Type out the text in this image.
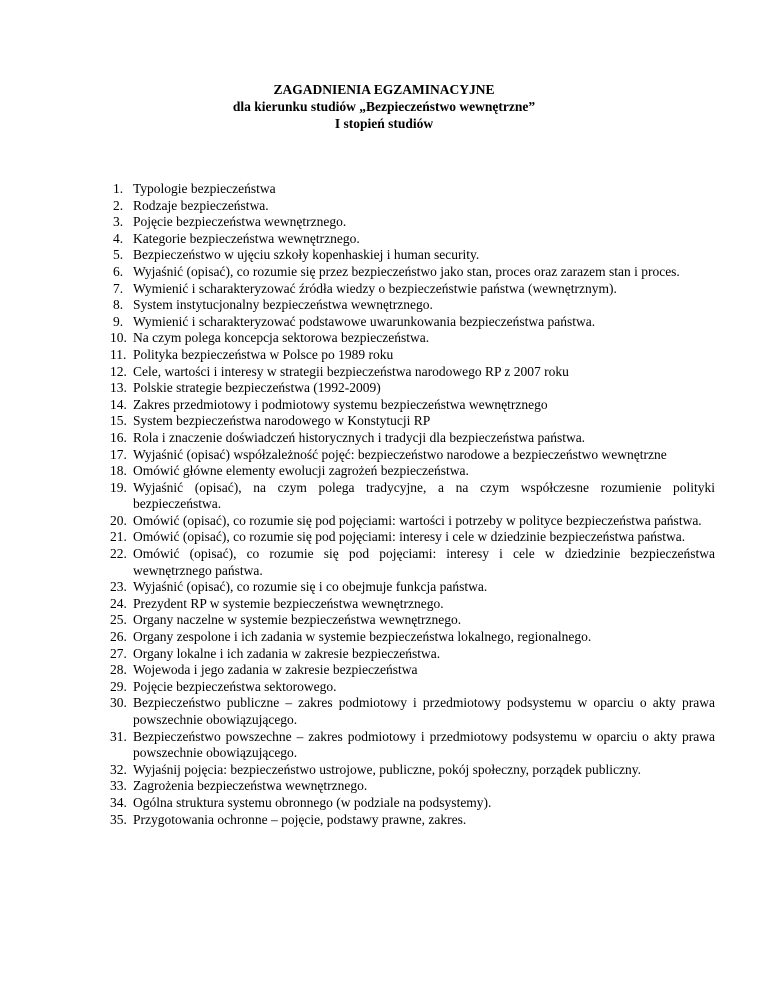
ZAGADNIENIA EGZAMINACYJNE
dla kierunku studiów „Bezpieczeństwo wewnętrzne”
I stopień studiów
1. Typologie bezpieczeństwa
2. Rodzaje bezpieczeństwa.
3. Pojęcie bezpieczeństwa wewnętrznego.
4. Kategorie bezpieczeństwa wewnętrznego.
5. Bezpieczeństwo w ujęciu szkoły kopenhaskiej i human security.
6. Wyjaśnić (opisać), co rozumie się przez bezpieczeństwo jako stan, proces oraz zarazem stan i proces.
7. Wymienić i scharakteryzować źródła wiedzy o bezpieczeństwie państwa (wewnętrznym).
8. System instytucjonalny bezpieczeństwa wewnętrznego.
9. Wymienić i scharakteryzować podstawowe uwarunkowania bezpieczeństwa państwa.
10. Na czym polega koncepcja sektorowa bezpieczeństwa.
11. Polityka bezpieczeństwa w Polsce po 1989 roku
12. Cele, wartości i interesy w strategii bezpieczeństwa narodowego RP z 2007 roku
13. Polskie strategie bezpieczeństwa (1992-2009)
14. Zakres przedmiotowy i podmiotowy systemu bezpieczeństwa wewnętrznego
15. System bezpieczeństwa narodowego w Konstytucji RP
16. Rola i znaczenie doświadczeń historycznych i tradycji dla bezpieczeństwa państwa.
17. Wyjaśnić (opisać) współzależność pojęć: bezpieczeństwo narodowe a bezpieczeństwo wewnętrzne
18. Omówić główne elementy ewolucji zagrożeń bezpieczeństwa.
19. Wyjaśnić (opisać), na czym polega tradycyjne, a na czym współczesne rozumienie polityki bezpieczeństwa.
20. Omówić (opisać), co rozumie się pod pojęciami: wartości i potrzeby w polityce bezpieczeństwa państwa.
21. Omówić (opisać), co rozumie się pod pojęciami: interesy i cele w dziedzinie bezpieczeństwa państwa.
22. Omówić (opisać), co rozumie się pod pojęciami: interesy i cele w dziedzinie bezpieczeństwa wewnętrznego państwa.
23. Wyjaśnić (opisać), co rozumie się i co obejmuje funkcja państwa.
24. Prezydent RP w systemie bezpieczeństwa wewnętrznego.
25. Organy naczelne w systemie bezpieczeństwa wewnętrznego.
26. Organy zespolone i ich zadania w systemie bezpieczeństwa lokalnego, regionalnego.
27. Organy lokalne i ich zadania w zakresie bezpieczeństwa.
28. Wojewoda i jego zadania w zakresie bezpieczeństwa
29. Pojęcie bezpieczeństwa sektorowego.
30. Bezpieczeństwo publiczne – zakres podmiotowy i przedmiotowy podsystemu w oparciu o akty prawa powszechnie obowiązującego.
31. Bezpieczeństwo powszechne – zakres podmiotowy i przedmiotowy podsystemu w oparciu o akty prawa powszechnie obowiązującego.
32. Wyjaśnij pojęcia: bezpieczeństwo ustrojowe, publiczne, pokój społeczny, porządek publiczny.
33. Zagrożenia bezpieczeństwa wewnętrznego.
34. Ogólna struktura systemu obronnego (w podziale na podsystemy).
35. Przygotowania ochronne – pojęcie, podstawy prawne, zakres.
